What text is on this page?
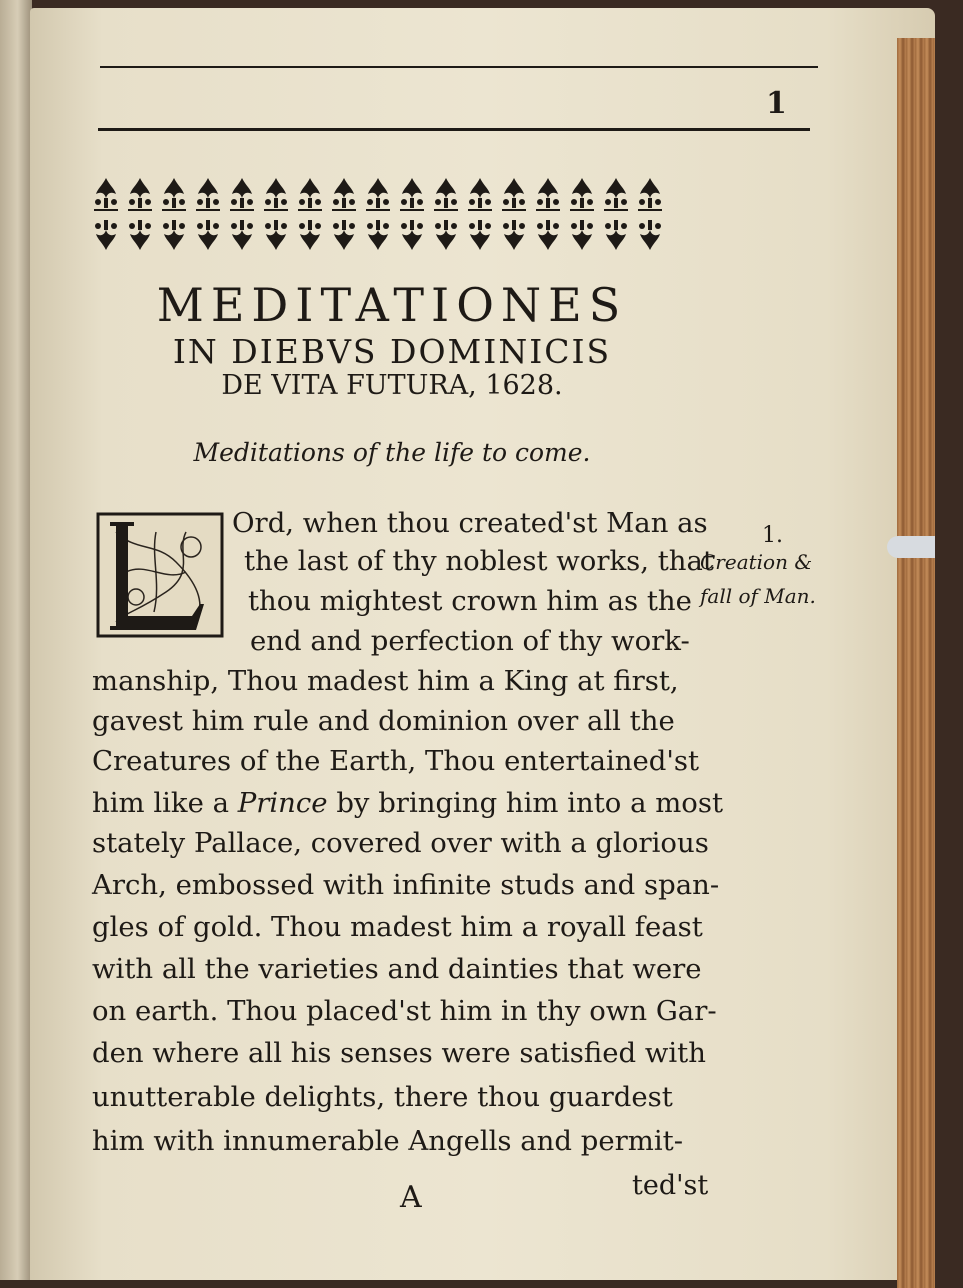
1
MEDITATIONES
IN DIEBVS DOMINICIS
DE VITA FUTURA, 1628.
Meditations of the life to come.
1.
Creation &
fall of Man.
Ord, when thou created'st Man as
the last of thy noblest works, that
thou mightest crown him as the
end and perfection of thy work-
manship, Thou madest him a King at first,
gavest him rule and dominion over all the
Creatures of the Earth, Thou entertained'st
him like a Prince by bringing him into a most
stately Pallace, covered over with a glorious
Arch, embossed with infinite studs and span-
gles of gold. Thou madest him a royall feast
with all the varieties and dainties that were
on earth. Thou placed'st him in thy own Gar-
den where all his senses were satisfied with
unutterable delights, there thou guardest
him with innumerable Angells and permit-
A	ted'st
